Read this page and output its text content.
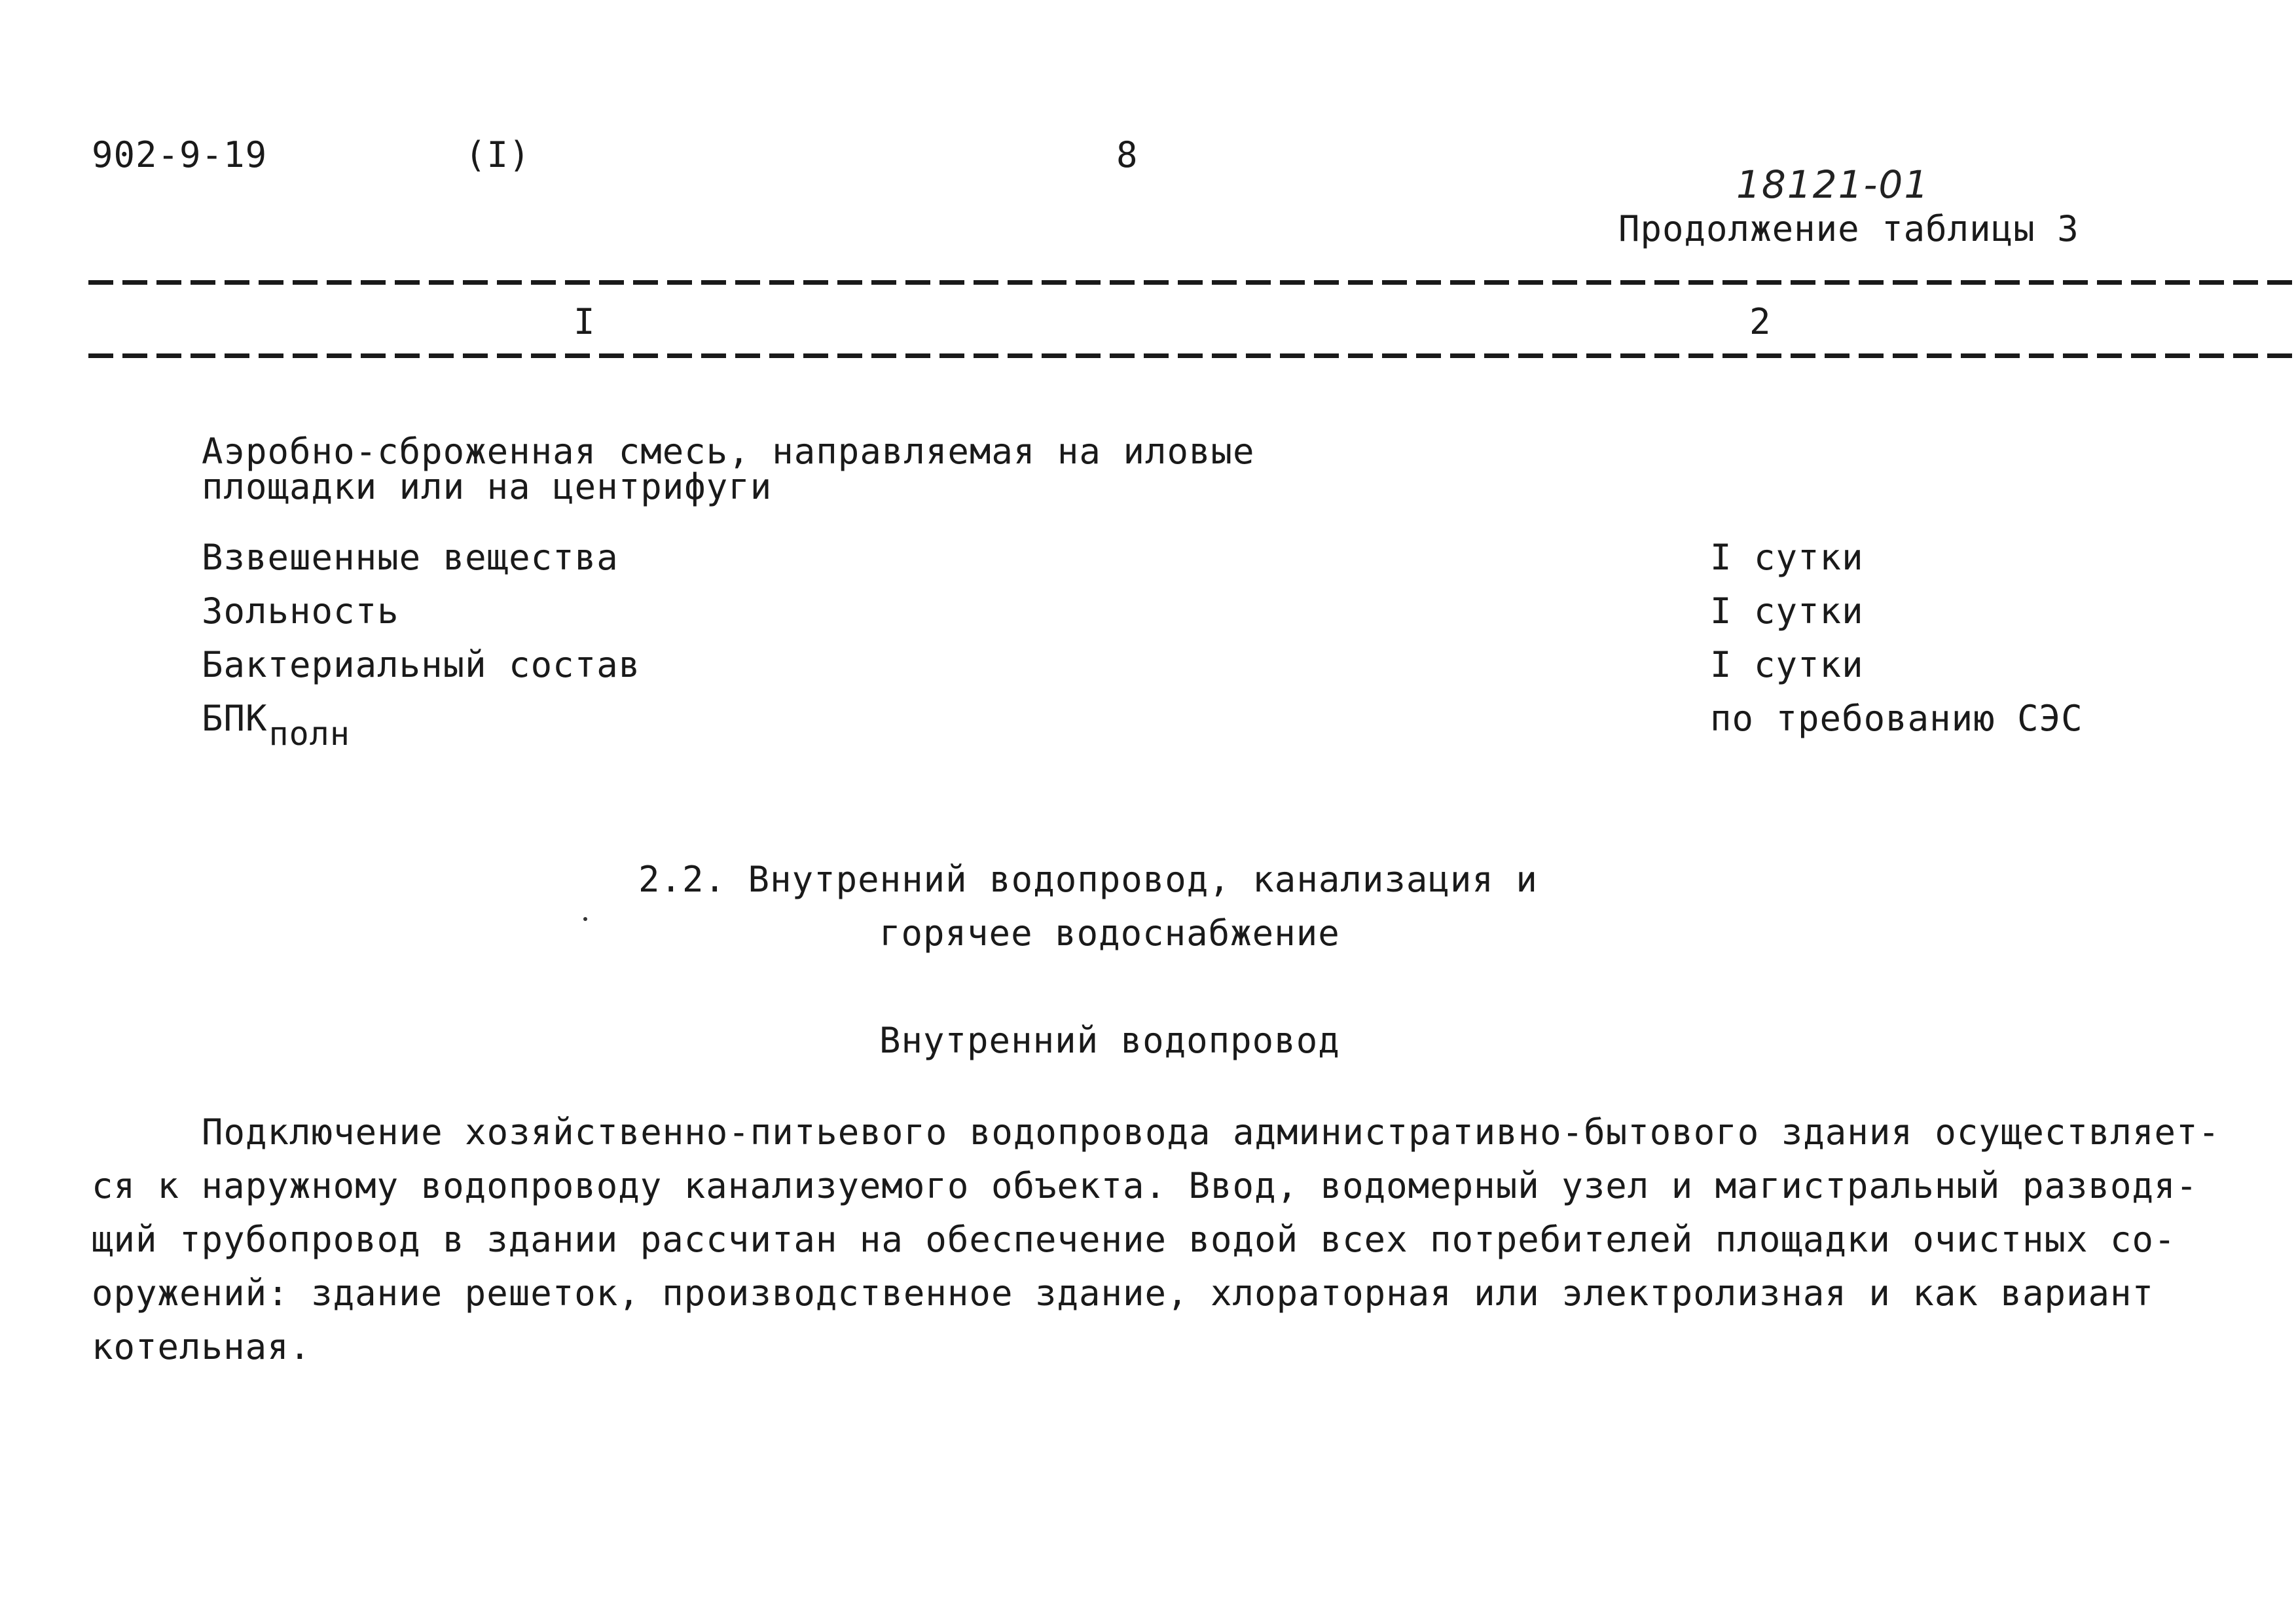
902-9-19	(I)	8
18121-01
Продолжение таблицы 3
I	2
Аэробно-сброженная смесь, направляемая на иловые
площадки или на центрифуги
Взвешенные вещества	I сутки
Зольность	I сутки
Бактериальный состав	I сутки
БПКполн	по требованию СЭС
2.2. Внутренний водопровод, канализация и
горячее водоснабжение
Внутренний водопровод
Подключение хозяйственно-питьевого водопровода административно-бытового здания осуществляет-
ся к наружному водопроводу канализуемого объекта. Ввод, водомерный узел и магистральный разводя-
щий трубопровод в здании рассчитан на обеспечение водой всех потребителей площадки очистных со-
оружений: здание решеток, производственное здание, хлораторная или электролизная и как вариант
котельная.
